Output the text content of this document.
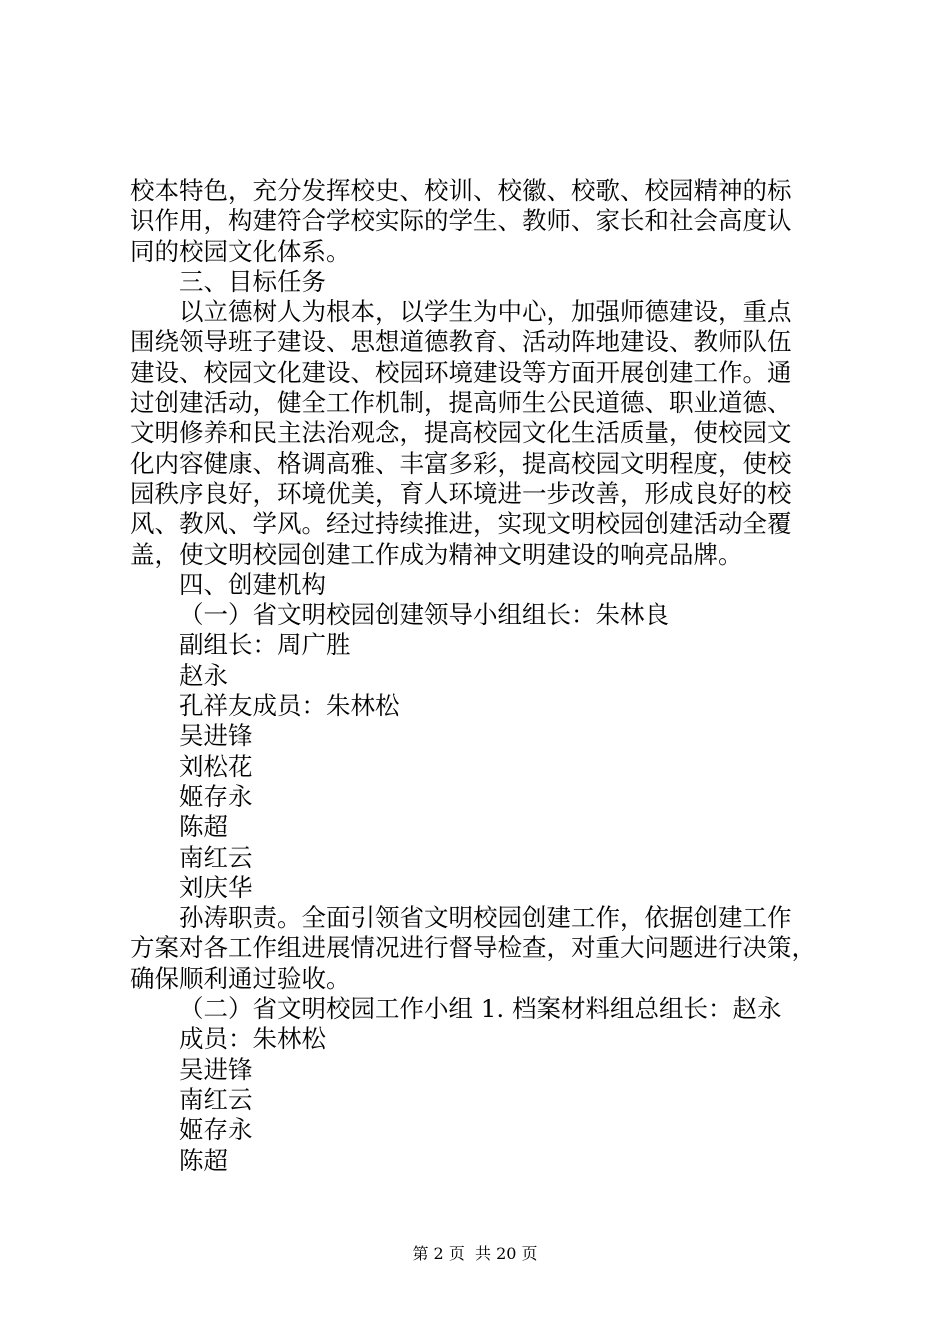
校本特色，充分发挥校史、校训、校徽、校歌、校园精神的标
识作用，构建符合学校实际的学生、教师、家长和社会高度认
同的校园文化体系。
三、目标任务
以立德树人为根本，以学生为中心，加强师德建设，重点
围绕领导班子建设、思想道德教育、活动阵地建设、教师队伍
建设、校园文化建设、校园环境建设等方面开展创建工作。通
过创建活动，健全工作机制，提高师生公民道德、职业道德、
文明修养和民主法治观念，提高校园文化生活质量，使校园文
化内容健康、格调高雅、丰富多彩，提高校园文明程度，使校
园秩序良好，环境优美，育人环境进一步改善，形成良好的校
风、教风、学风。经过持续推进，实现文明校园创建活动全覆
盖，使文明校园创建工作成为精神文明建设的响亮品牌。
四、创建机构
（一）省文明校园创建领导小组组长：朱林良
副组长：周广胜
赵永
孔祥友成员：朱林松
吴进锋
刘松花
姬存永
陈超
南红云
刘庆华
孙涛职责。全面引领省文明校园创建工作，依据创建工作
方案对各工作组进展情况进行督导检查，对重大问题进行决策，
确保顺利通过验收。
（二）省文明校园工作小组 1. 档案材料组总组长：赵永
成员：朱林松
吴进锋
南红云
姬存永
陈超
第 2 页  共 20 页
